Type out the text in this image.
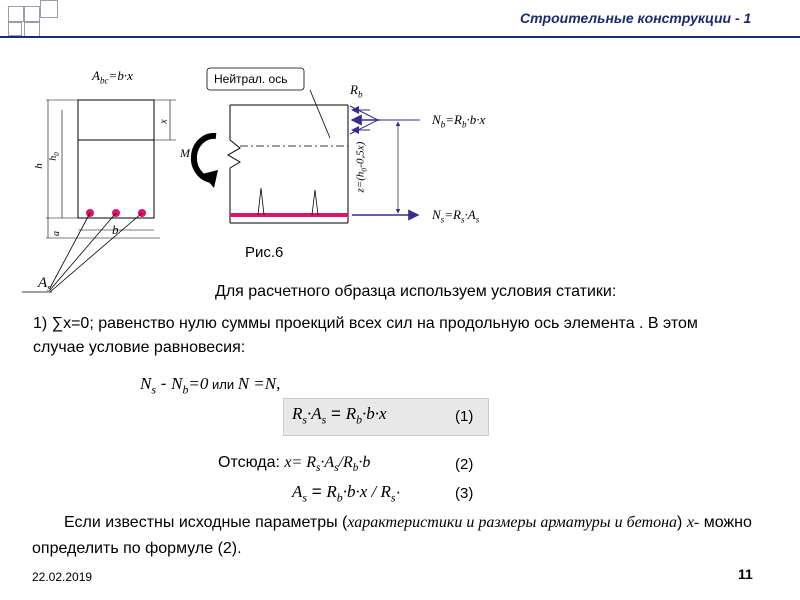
Строительные конструкции - 1
$A_{bc}=b\cdot x$	Нейтрал. ось
$R_b$
$N_b=R_b\cdot b\cdot x$
$N_s=R_s\cdot A_s$
$z=(h_0-0,5x)$
M
h
$h_0$
x
a	b
$A_s$
Рис.6
Для расчетного образца используем условия статики:
1) ∑x=0; равенство нулю суммы проекций всех сил на продольную ось элемента . В этом случае условие равновесия:
$N_s - N_b=0$ или N =N,
$R_s\cdot A_s = R_b\cdot b\cdot x$	(1)
Отсюда: $x= R_s\cdot A_s/R_b\cdot b$	(2)
$A_s = R_b\cdot b\cdot x / R_s\cdot$	(3)
Если известны исходные параметры (характеристики и размеры арматуры и бетона) x- можно определить по формуле (2).
22.02.2019	11
